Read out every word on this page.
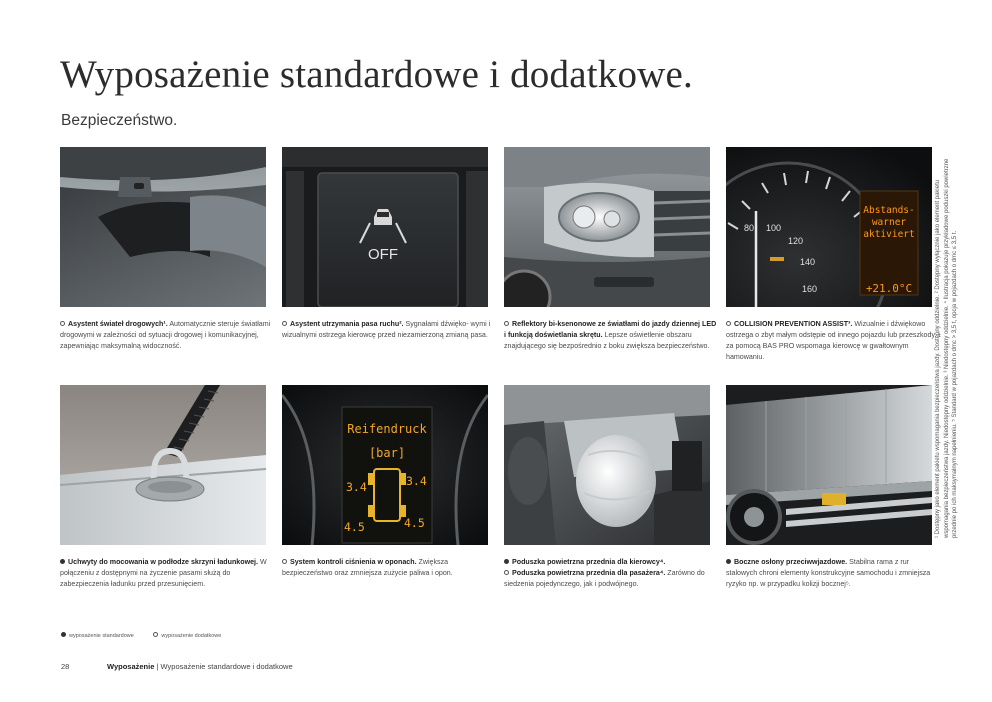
Wyposażenie standardowe i dodatkowe.

Bezpieczeństwo.

Asystent świateł drogowych¹. Automatycznie steruje światłami drogowymi w zależności od sytuacji drogowej i komunikacyjnej, zapewniając maksymalną widoczność.

OFF

Asystent utrzymania pasa ruchu². Sygnałami dźwięko- wymi i wizualnymi ostrzega kierowcę przed niezamierzoną zmianą pasa.

Reflektory bi-ksenonowe ze światłami do jazdy dziennej LED i funkcją doświetlania skrętu. Lepsze oświetlenie obszaru znajdującego się bezpośrednio z boku zwiększa bezpieczeństwo.

80 100
120
140
160
Abstands-
warner
aktiviert
+21.0°C

COLLISION PREVENTION ASSIST³. Wizualnie i dźwiękowo ostrzega o zbyt małym odstępie od innego pojazdu lub przeszkody, i za pomocą BAS PRO wspomaga kierowcę w gwałtownym hamowaniu.

Uchwyty do mocowania w podłodze skrzyni ładunkowej. W połączeniu z dostępnymi na życzenie pasami służą do zabezpieczenia ładunku przed przesunięciem.

Reifendruck
[bar]
3.4	3.4
4.5	4.5

System kontroli ciśnienia w oponach. Zwiększa bezpieczeństwo oraz zmniejsza zużycie paliwa i opon.

Poduszka powietrzna przednia dla kierowcy⁴.

Poduszka powietrzna przednia dla pasażera⁴. Zarówno do siedzenia pojedynczego, jak i podwójnego.

Boczne osłony przeciwwjazdowe. Stabilna rama z rur stalowych chroni elementy konstrukcyjne samochodu i zmniejsza ryzyko np. w przypadku kolizji bocznej⁵.

¹ Dostępny jako element pakietu wspomagania bezpieczeństwa jazdy. Dostępny oddzielnie. ² Dostępny wyłącznie jako element pakietu wspomagania bezpieczeństwa jazdy. Niedostępny oddzielnie. ³ Niedostępny oddzielnie. ⁴ Ilustracja pokazuje przykładowe poduszki powietrzne przednie po ich maksymalnym napełnieniu. ⁵ Standard w pojazdach o dmc > 3,5 t, opcja w pojazdach o dmc ≤ 3,5 t.
wyposażenie standardowe	wyposażenie dodatkowe
28	Wyposażenie | Wyposażenie standardowe i dodatkowe
